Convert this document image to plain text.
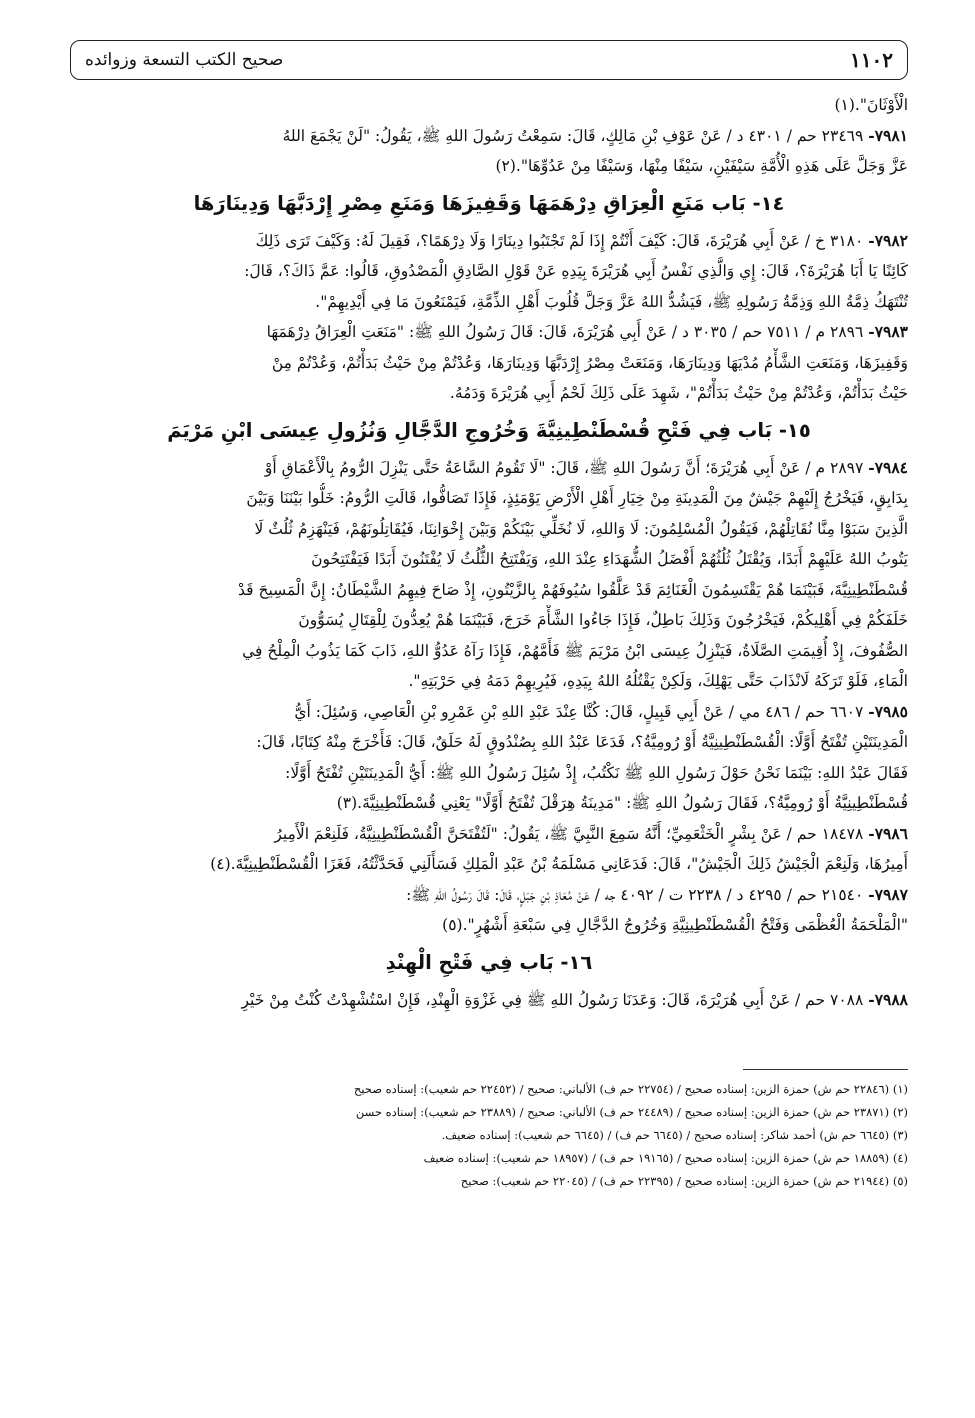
١١٠٢
صحيح الكتب التسعة وزوائده
الْأَوْثَانَ".(١)
٧٩٨١- ٢٣٤٦٩ حم / ٤٣٠١ د / عَنْ عَوْفِ بْنِ مَالِكٍ، قَالَ: سَمِعْتُ رَسُولَ اللهِ ﷺ، يَقُولُ: "لَنْ يَجْمَعَ اللهُ
عَزَّ وَجَلَّ عَلَى هَذِهِ الْأُمَّةِ سَيْفَيْنِ، سَيْفًا مِنْهَا، وَسَيْفًا مِنْ عَدُوِّهَا".(٢)
١٤- بَاب مَنَعِ الْعِرَاقِ دِرْهَمَهَا وَقَفِيزَهَا وَمَنَعِ مِصْرِ إِرْدَبَّهَا وَدِينَارَهَا
٧٩٨٢- ٣١٨٠ خ / عَنْ أَبِي هُرَيْرَةَ، قَالَ: كَيْفَ أَنْتُمْ إِذَا لَمْ تَجْتَبُوا دِينَارًا وَلَا دِرْهَمًا؟، فَقِيلَ لَهُ: وَكَيْفَ تَرَى ذَلِكَ
كَائِنًا يَا أَبَا هُرَيْرَةَ؟، قَالَ: إِي وَالَّذِي نَفْسُ أَبِي هُرَيْرَةَ بِيَدِهِ عَنْ قَوْلِ الصَّادِقِ الْمَصْدُوقِ، قَالُوا: عَمَّ ذَاكَ؟، قَالَ:
تُنْتَهَكُ ذِمَّةُ اللهِ وَذِمَّةُ رَسُولِهِ ﷺ، فَيَشُدُّ اللهُ عَزَّ وَجَلَّ قُلُوبَ أَهْلِ الذِّمَّةِ، فَيَمْنَعُونَ مَا فِي أَيْدِيهِمْ".
٧٩٨٣- ٢٨٩٦ م / ٧٥١١ حم / ٣٠٣٥ د / عَنْ أَبِي هُرَيْرَةَ، قَالَ: قَالَ رَسُولُ اللهِ ﷺ: "مَنَعَتِ الْعِرَاقُ دِرْهَمَهَا
وَقَفِيزَهَا، وَمَنَعَتِ الشَّأْمُ مُدْيَهَا وَدِينَارَهَا، وَمَنَعَتْ مِصْرُ إِرْدَبَّهَا وَدِينَارَهَا، وَعُدْتُمْ مِنْ حَيْثُ بَدَأْتُمْ، وَعُدْتُمْ مِنْ
حَيْثُ بَدَأْتُمْ، وَعُدْتُمْ مِنْ حَيْثُ بَدَأْتُمْ"، شَهِدَ عَلَى ذَلِكَ لَحْمُ أَبِي هُرَيْرَةَ وَدَمُهُ.
١٥- بَاب فِي فَتْحِ قُسْطَنْطِينِيَّةَ وَخُرُوجِ الدَّجَّالِ وَنُزُولِ عِيسَى ابْنِ مَرْيَمَ
٧٩٨٤- ٢٨٩٧ م / عَنْ أَبِي هُرَيْرَةَ؛ أَنَّ رَسُولَ اللهِ ﷺ، قَالَ: "لَا تَقُومُ السَّاعَةُ حَتَّى يَنْزِلَ الرُّومُ بِالْأَعْمَاقِ أَوْ
بِدَابِقٍ، فَيَخْرُجُ إِلَيْهِمْ جَيْشٌ مِنَ الْمَدِينَةِ مِنْ خِيَارِ أَهْلِ الْأَرْضِ يَوْمَئِذٍ، فَإِذَا تَصَافُّوا، قَالَتِ الرُّومُ: خَلُّوا بَيْنَنَا وَبَيْنَ
الَّذِينَ سَبَوْا مِنَّا نُقَاتِلْهُمْ، فَيَقُولُ الْمُسْلِمُونَ: لَا وَاللهِ، لَا نُخَلِّي بَيْنَكُمْ وَبَيْنَ إِخْوَانِنَا، فَيُقَاتِلُونَهُمْ، فَيَنْهَزِمُ ثُلُثٌ لَا
يَتُوبُ اللهُ عَلَيْهِمْ أَبَدًا، وَيُقْتَلُ ثُلُثُهُمْ أَفْضَلُ الشُّهَدَاءِ عِنْدَ اللهِ، وَيَفْتَتِحُ الثُّلُثُ لَا يُفْتَنُونَ أَبَدًا فَيَفْتَتِحُونَ
قُسْطَنْطِينِيَّةَ، فَبَيْنَمَا هُمْ يَقْتَسِمُونَ الْغَنَائِمَ قَدْ عَلَّقُوا سُيُوفَهُمْ بِالزَّيْتُونِ، إِذْ صَاحَ فِيهِمُ الشَّيْطَانُ: إِنَّ الْمَسِيحَ قَدْ
خَلَفَكُمْ فِي أَهْلِيكُمْ، فَيَخْرُجُونَ وَذَلِكَ بَاطِلٌ، فَإِذَا جَاءُوا الشَّأْمَ خَرَجَ، فَبَيْنَمَا هُمْ يُعِدُّونَ لِلْقِتَالِ يُسَوُّونَ
الصُّفُوفَ، إِذْ أُقِيمَتِ الصَّلَاةُ، فَيَنْزِلُ عِيسَى ابْنُ مَرْيَمَ ﷺ فَأَمَّهُمْ، فَإِذَا رَآهُ عَدُوُّ اللهِ، ذَابَ كَمَا يَذُوبُ الْمِلْحُ فِي
الْمَاءِ، فَلَوْ تَرَكَهُ لَانْذَابَ حَتَّى يَهْلِكَ، وَلَكِنْ يَقْتُلُهُ اللهُ بِيَدِهِ، فَيُرِيهِمْ دَمَهُ فِي حَرْبَتِهِ".
٧٩٨٥- ٦٦٠٧ حم / ٤٨٦ مي / عَنْ أَبِي قَبِيلٍ، قَالَ: كُنَّا عِنْدَ عَبْدِ اللهِ بْنِ عَمْرِو بْنِ الْعَاصِي، وَسُئِلَ: أَيُّ
الْمَدِينَتَيْنِ تُفْتَحُ أَوَّلًا: الْقُسْطَنْطِينِيَّةُ أَوْ رُومِيَّةُ؟، فَدَعَا عَبْدُ اللهِ بِصُنْدُوقٍ لَهُ حَلَقٌ، قَالَ: فَأَخْرَجَ مِنْهُ كِتَابًا، قَالَ:
فَقَالَ عَبْدُ اللهِ: بَيْنَمَا نَحْنُ حَوْلَ رَسُولِ اللهِ ﷺ نَكْتُبُ، إِذْ سُئِلَ رَسُولُ اللهِ ﷺ: أَيُّ الْمَدِينَتَيْنِ تُفْتَحُ أَوَّلًا:
قُسْطَنْطِينِيَّةُ أَوْ رُومِيَّةُ؟، فَقَالَ رَسُولُ اللهِ ﷺ: "مَدِينَةُ هِرَقْلَ تُفْتَحُ أَوَّلًا" يَعْنِي قُسْطَنْطِينِيَّةَ.(٣)
٧٩٨٦- ١٨٤٧٨ حم / عَنْ بِشْرٍ الْخَثْعَمِيِّ؛ أَنَّهُ سَمِعَ النَّبِيَّ ﷺ، يَقُولُ: "لَتُفْتَحَنَّ الْقُسْطَنْطِينِيَّةُ، فَلَنِعْمَ الْأَمِيرُ
أَمِيرُهَا، وَلَنِعْمَ الْجَيْشُ ذَلِكَ الْجَيْشُ"، قَالَ: فَدَعَانِي مَسْلَمَةُ بْنُ عَبْدِ الْمَلِكِ فَسَأَلَنِي فَحَدَّثْتُهُ، فَغَزَا الْقُسْطَنْطِينِيَّةَ.(٤)
٧٩٨٧- ٢١٥٤٠ حم / ٤٢٩٥ د / ٢٢٣٨ ت / ٤٠٩٢ جه / عَنْ مُعَاذِ بْنِ جَبَلٍ، قَالَ: قَالَ رَسُولُ اللهِ ﷺ:
"الْمَلْحَمَةُ الْعُظْمَى وَفَتْحُ الْقُسْطَنْطِينِيَّةِ وَخُرُوجُ الدَّجَّالِ فِي سَبْعَةِ أَشْهُرٍ".(٥)
١٦- بَاب فِي فَتْحِ الْهِنْدِ
٧٩٨٨- ٧٠٨٨ حم / عَنْ أَبِي هُرَيْرَةَ، قَالَ: وَعَدَنَا رَسُولُ اللهِ ﷺ فِي غَزْوَةِ الْهِنْدِ، فَإِنْ اسْتُشْهِدْتُ كُنْتُ مِنْ خَيْرِ
(١) (٢٢٨٤٦ حم ش) حمزة الزين: إسناده صحيح / (٢٢٧٥٤ حم ف) الألباني: صحيح / (٢٢٤٥٢ حم شعيب): إسناده صحيح
(٢) (٢٣٨٧١ حم ش) حمزة الزين: إسناده صحيح / (٢٤٤٨٩ حم ف) الألباني: صحيح / (٢٣٨٨٩ حم شعيب): إسناده حسن
(٣) (٦٦٤٥ حم ش) أحمد شاكر: إسناده صحيح / (٦٦٤٥ حم ف) / (٦٦٤٥ حم شعيب): إسناده ضعيف.
(٤) (١٨٨٥٩ حم ش) حمزة الزين: إسناده صحيح / (١٩١٦٥ حم ف) / (١٨٩٥٧ حم شعيب): إسناده ضعيف
(٥) (٢١٩٤٤ حم ش) حمزة الزين: إسناده صحيح / (٢٢٣٩٥ حم ف) / (٢٢٠٤٥ حم شعيب): صحيح
